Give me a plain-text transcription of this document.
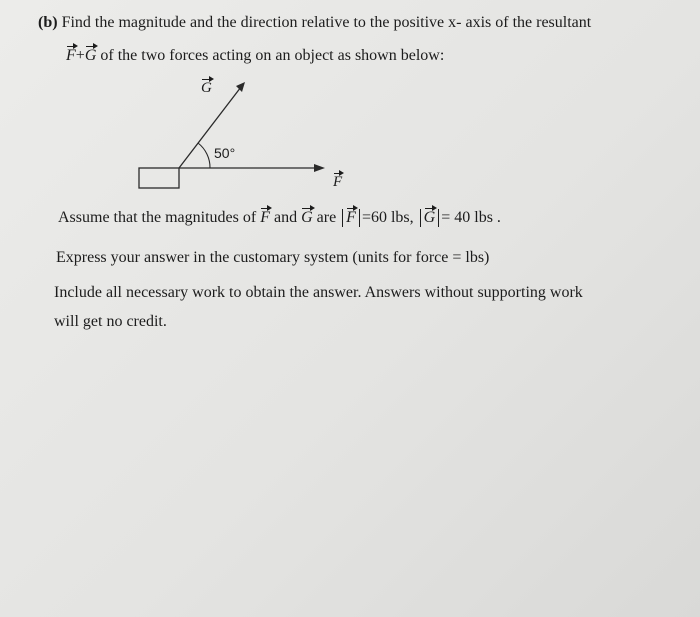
(b) Find the magnitude and the direction relative to the positive x- axis of the resultant
F+G of the two forces acting on an object as shown below:
G
50°
F
Assume that the magnitudes of F and G are F =60 lbs, G = 40 lbs .
Express your answer in the customary system (units for force = lbs)
Include all necessary work to obtain the answer. Answers without supporting work
will get no credit.
